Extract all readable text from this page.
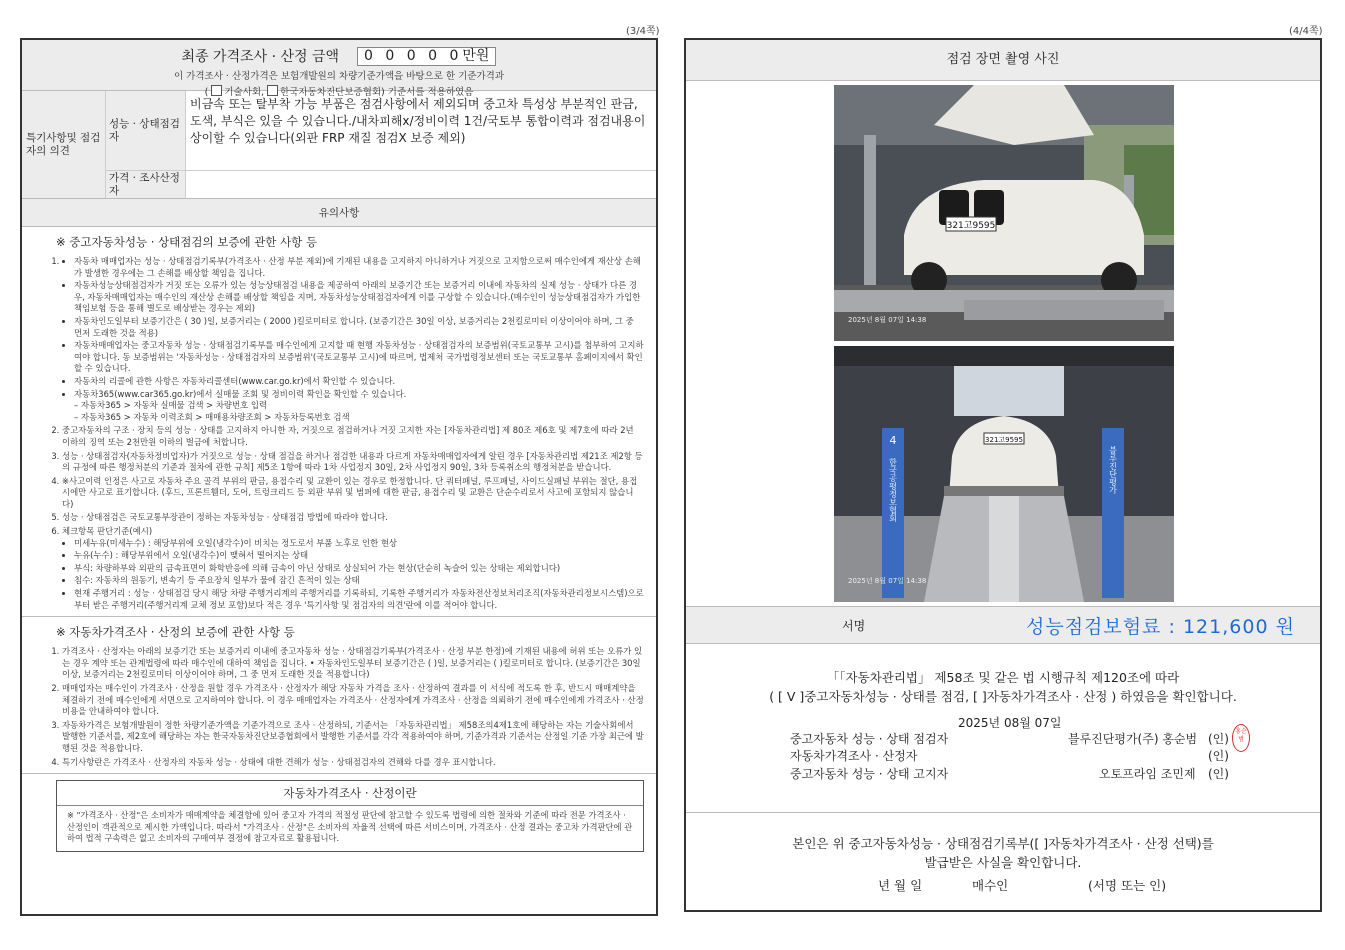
(3/4쪽)	(4/4쪽)
최종 가격조사 · 산정 금액	0 0 0 0 0만원
이 가격조사 · 산정가격은 보험개발원의 차량기준가액을 바탕으로 한 기준가격과
( 기술사회, 한국자동차진단보증협회) 기준서를 적용하였음
특기사항및 점검자의 의견
성능 · 상태점검자
비금속 또는 탈부착 가능 부품은 점검사항에서 제외되며 중고차 특성상 부분적인 판금, 도색, 부식은 있을 수 있습니다./내차피해x/정비이력 1건/국토부 통합이력과 점검내용이 상이할 수 있습니다(외판 FRP 재질 점검X 보증 제외)
가격 · 조사산정자
유의사항
※ 중고자동차성능 · 상태점검의 보증에 관한 사항 등
• 1. 자동차 매매업자는 성능 · 상태점검기록부(가격조사 · 산정 부분 제외)에 기재된 내용을 고지하지 아니하거나 거짓으로 고지함으로써 매수인에게 재산상 손해가 발생한 경우에는 그 손해를 배상할 책임을 집니다.
• 자동차성능상태점검자가 거짓 또는 오류가 있는 성능상태점검 내용을 제공하여 아래의 보증기간 또는 보증거리 이내에 자동차의 실제 성능 · 상태가 다른 경우, 자동차매매업자는 매수인의 재산상 손해를 배상할 책임을 지며, 자동차성능상태점검자에게 이를 구상할 수 있습니다.(매수인이 성능상태점검자가 가입한 책임보험 등을 통해 별도로 배상받는 경우는 제외)
• 자동차인도일부터 보증기간은 ( 30 )일, 보증거리는 ( 2000 )킬로미터로 합니다. (보증기간은 30일 이상, 보증거리는 2천킬로미터 이상이어야 하며, 그 중 먼저 도래한 것을 적용)
• 자동차매매업자는 중고자동차 성능 · 상태점검기록부를 매수인에게 고지할 때 현행 자동차성능 · 상태점검자의 보증범위(국토교통부 고시)를 첨부하여 고지하여야 합니다. 동 보증범위는 '자동차성능 · 상태점검자의 보증범위'(국토교통부 고시)에 따르며, 법제처 국가법령정보센터 또는 국토교통부 홈페이지에서 확인할 수 있습니다.
• 자동차의 리콜에 관한 사항은 자동차리콜센터(www.car.go.kr)에서 확인할 수 있습니다.
• 자동차365(www.car365.go.kr)에서 실매물 조회 및 정비이력 확인을 확인할 수 있습니다.
– 자동차365 > 자동차 실매물 검색 > 차량번호 입력
– 자동차365 > 자동차 이력조회 > 매매용차량조회 > 자동차등록번호 검색
2. 중고자동차의 구조 · 장치 등의 성능 · 상태를 고지하지 아니한 자, 거짓으로 점검하거나 거짓 고지한 자는 [자동차관리법] 제 80조 제6호 및 제7호에 따라 2년 이하의 징역 또는 2천만원 이하의 벌금에 처합니다.
3. 성능 · 상태점검자(자동차정비업자)가 거짓으로 성능 · 상태 점검을 하거나 점검한 내용과 다르게 자동차매매업자에게 알린 경우 [자동차관리법 제21조 제2항 등의 규정에 따른 행정처분의 기준과 절차에 관한 규칙] 제5조 1항에 따라 1차 사업정지 30일, 2차 사업정지 90일, 3차 등록취소의 행정처분을 받습니다.
4. ※사고이력 인정은 사고로 자동차 주요 골격 부위의 판금, 용접수리 및 교환이 있는 경우로 한정합니다. 단 쿼터패널, 루프패널, 사이드실패널 부위는 절단, 용접 시에만 사고로 표기합니다. (후드, 프론트휀더, 도어, 트렁크리드 등 외판 부위 및 범퍼에 대한 판금, 용접수리 및 교환은 단순수리로서 사고에 포함되지 않습니다)
5. 성능 · 상태점검은 국토교통부장관이 정하는 자동차성능 · 상태점검 방법에 따라야 합니다.
6. 체크항목 판단기준(예시)
• 미세누유(미세누수) : 해당부위에 오일(냉각수)이 비치는 정도로서 부품 노후로 인한 현상
• 누유(누수) : 해당부위에서 오일(냉각수)이 맺혀서 떨어지는 상태
• 부식: 차량하부와 외판의 금속표면이 화학반응에 의해 금속이 아닌 상태로 상실되어 가는 현상(단순히 녹슬어 있는 상태는 제외합니다)
• 침수: 자동차의 원동기, 변속기 등 주요장치 일부가 물에 잠긴 흔적이 있는 상태
• 현재 주행거리 : 성능 · 상태점검 당시 해당 차량 주행거리계의 주행거리를 기록하되, 기록한 주행거리가 자동차전산정보처리조직(자동차관리정보시스템)으로부터 받은 주행거리(주행거리계 교체 정보 포함)보다 적은 경우 '특기사항 및 점검자의 의견'란에 이를 적어야 합니다.
※ 자동차가격조사 · 산정의 보증에 관한 사항 등
1. 가격조사 · 산정자는 아래의 보증기간 또는 보증거리 이내에 중고자동차 성능 · 상태점검기록부(가격조사 · 산정 부분 한정)에 기재된 내용에 허위 또는 오류가 있는 경우 계약 또는 관계법령에 따라 매수인에 대하여 책임을 집니다. • 자동차인도일부터 보증기간은 ( )일, 보증거리는 ( )킬로미터로 합니다. (보증기간은 30일 이상, 보증거리는 2천킬로미터 이상이어야 하며, 그 중 먼저 도래한 것을 적용합니다)
2. 매매업자는 매수인이 가격조사 · 산정을 원할 경우 가격조사 · 산정자가 해당 자동차 가격을 조사 · 산정하여 결과를 이 서식에 적도록 한 후, 반드시 매매계약을 체결하기 전에 매수인에게 서면으로 고지하여야 합니다. 이 경우 매매업자는 가격조사 · 산정자에게 가격조사 · 산정을 의뢰하기 전에 매수인에게 가격조사 · 산정 비용을 안내하여야 합니다.
3. 자동차가격은 보험개발원이 정한 차량기준가액을 기준가격으로 조사 · 산정하되, 기준서는 「자동차관리법」 제58조의4제1호에 해당하는 자는 기술사회에서 발행한 기준서를, 제2호에 해당하는 자는 한국자동차진단보증협회에서 발행한 기준서를 각각 적용하여야 하며, 기준가격과 기준서는 산정일 기준 가장 최근에 발행된 것을 적용합니다.
4. 특기사항란은 가격조사 · 산정자의 자동차 성능 · 상태에 대한 견해가 성능 · 상태점검자의 견해와 다를 경우 표시합니다.
자동차가격조사 · 산정이란
※ "가격조사 · 산정"은 소비자가 매매계약을 체결함에 있어 중고자 가격의 적절성 판단에 참고할 수 있도록 법령에 의한 절차와 기준에 따라 전문 가격조사 · 산정인이 객관적으로 제시한 가액입니다. 따라서 "가격조사 · 산정"은 소비자의 자율적 선택에 따른 서비스이며, 가격조사 · 산정 결과는 중고차 가격판단에 관하여 법적 구속력은 없고 소비자의 구매여부 결정에 참고자료로 활용됩니다.
점검 장면 촬영 사진
321고9595
2025년 8월 07일 14:38
4
한국공평정보협회	블루진단평가
321고9595
2025년 8월 07일 14:38
서명	성능점검보험료 : 121,600 원
「「자동차관리법」 제58조 및 같은 법 시행규칙 제120조에 따라
( [ V ]중고자동차성능 · 상태를 점검, [ ]자동차가격조사 · 산정 ) 하였음을 확인합니다.
2025년 08월 07일
중고자동차 성능 · 상태 점검자	블루진단평가(주) 홍순범 (인)
홍순범
자동차가격조사 · 산정자	(인)
중고자동차 성능 · 상태 고지자	오토프라임 조민제 (인)
본인은 위 중고자동차성능 · 상태점검기록부([ ]자동차가격조사 · 산정 선택)를
발급받은 사실을 확인합니다.
년 월 일	매수인	(서명 또는 인)
